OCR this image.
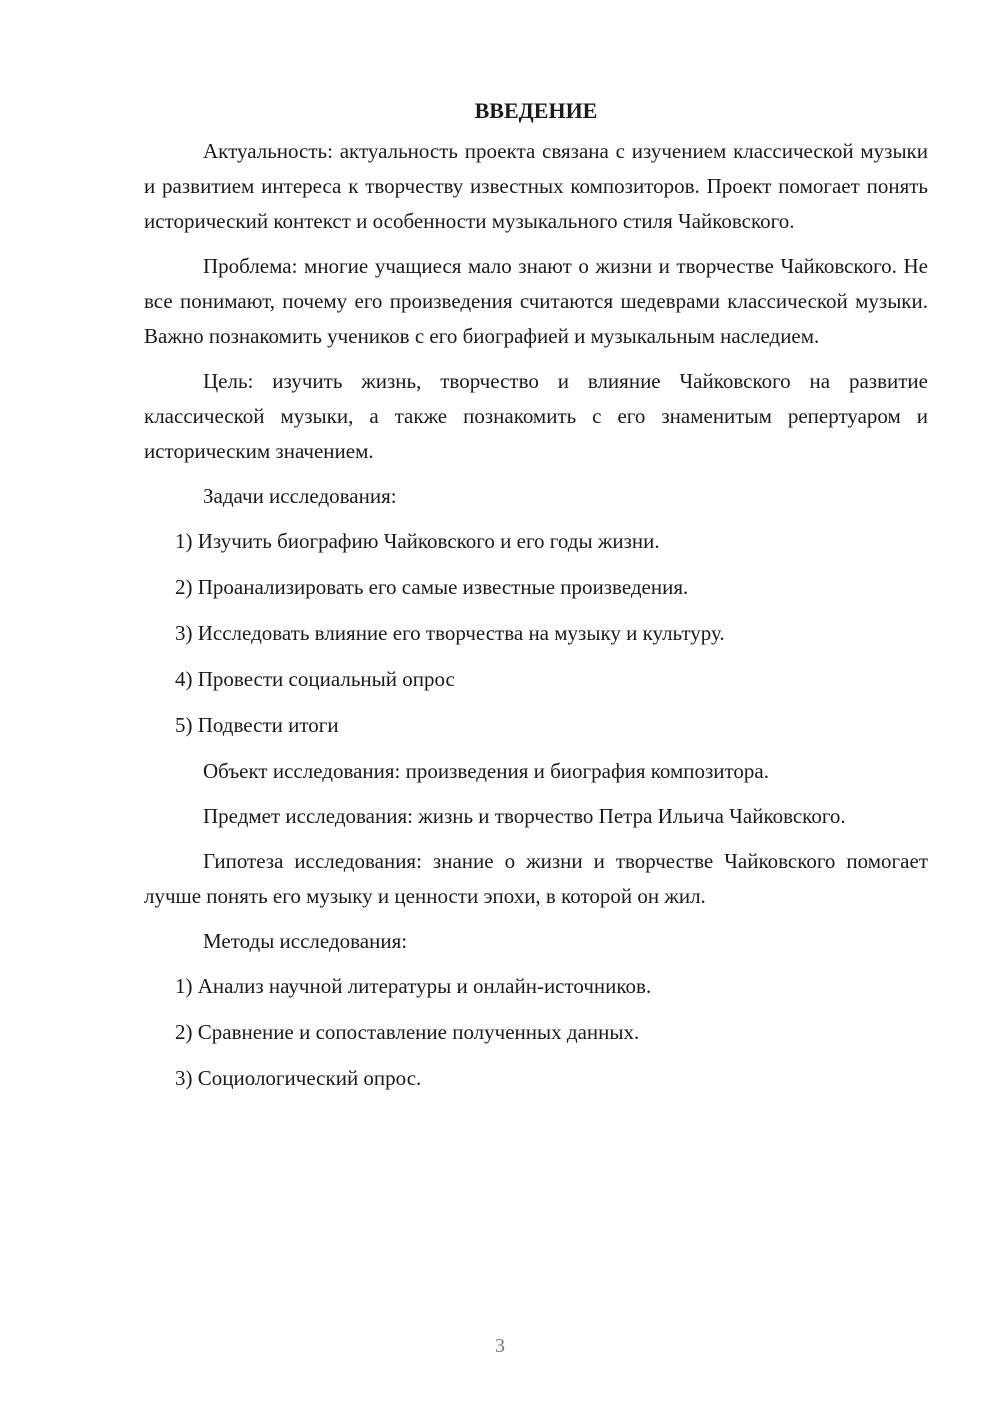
ВВЕДЕНИЕ

Актуальность: актуальность проекта связана с изучением классической музыки и развитием интереса к творчеству известных композиторов. Проект помогает понять исторический контекст и особенности музыкального стиля Чайковского.

Проблема: многие учащиеся мало знают о жизни и творчестве Чайковского. Не все понимают, почему его произведения считаются шедеврами классической музыки. Важно познакомить учеников с его биографией и музыкальным наследием.

Цель: изучить жизнь, творчество и влияние Чайковского на развитие классической музыки, а также познакомить с его знаменитым репертуаром и историческим значением.

Задачи исследования:

1) Изучить биографию Чайковского и его годы жизни.

2) Проанализировать его самые известные произведения.

3) Исследовать влияние его творчества на музыку и культуру.

4) Провести социальный опрос

5) Подвести итоги

Объект исследования: произведения и биография композитора.

Предмет исследования: жизнь и творчество Петра Ильича Чайковского.

Гипотеза исследования: знание о жизни и творчестве Чайковского помогает лучше понять его музыку и ценности эпохи, в которой он жил.

Методы исследования:

1) Анализ научной литературы и онлайн-источников.

2) Сравнение и сопоставление полученных данных.

3) Социологический опрос.

3
